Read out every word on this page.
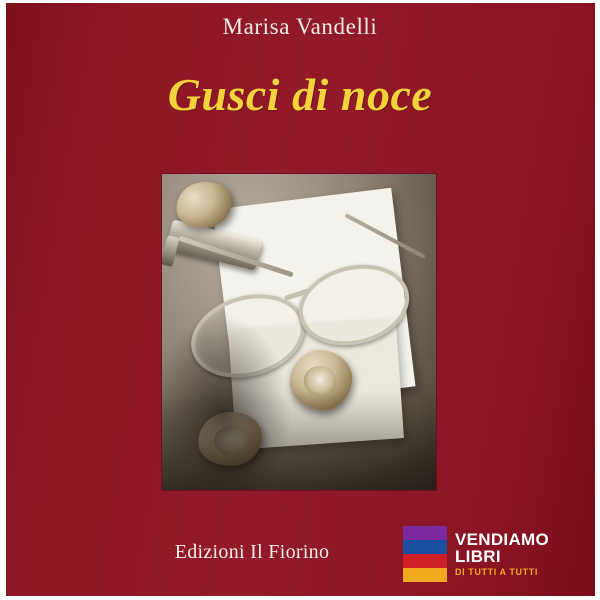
Marisa Vandelli
Gusci di noce
Edizioni Il Fiorino
VENDIAMO
LIBRI
DI TUTTI A TUTTI
